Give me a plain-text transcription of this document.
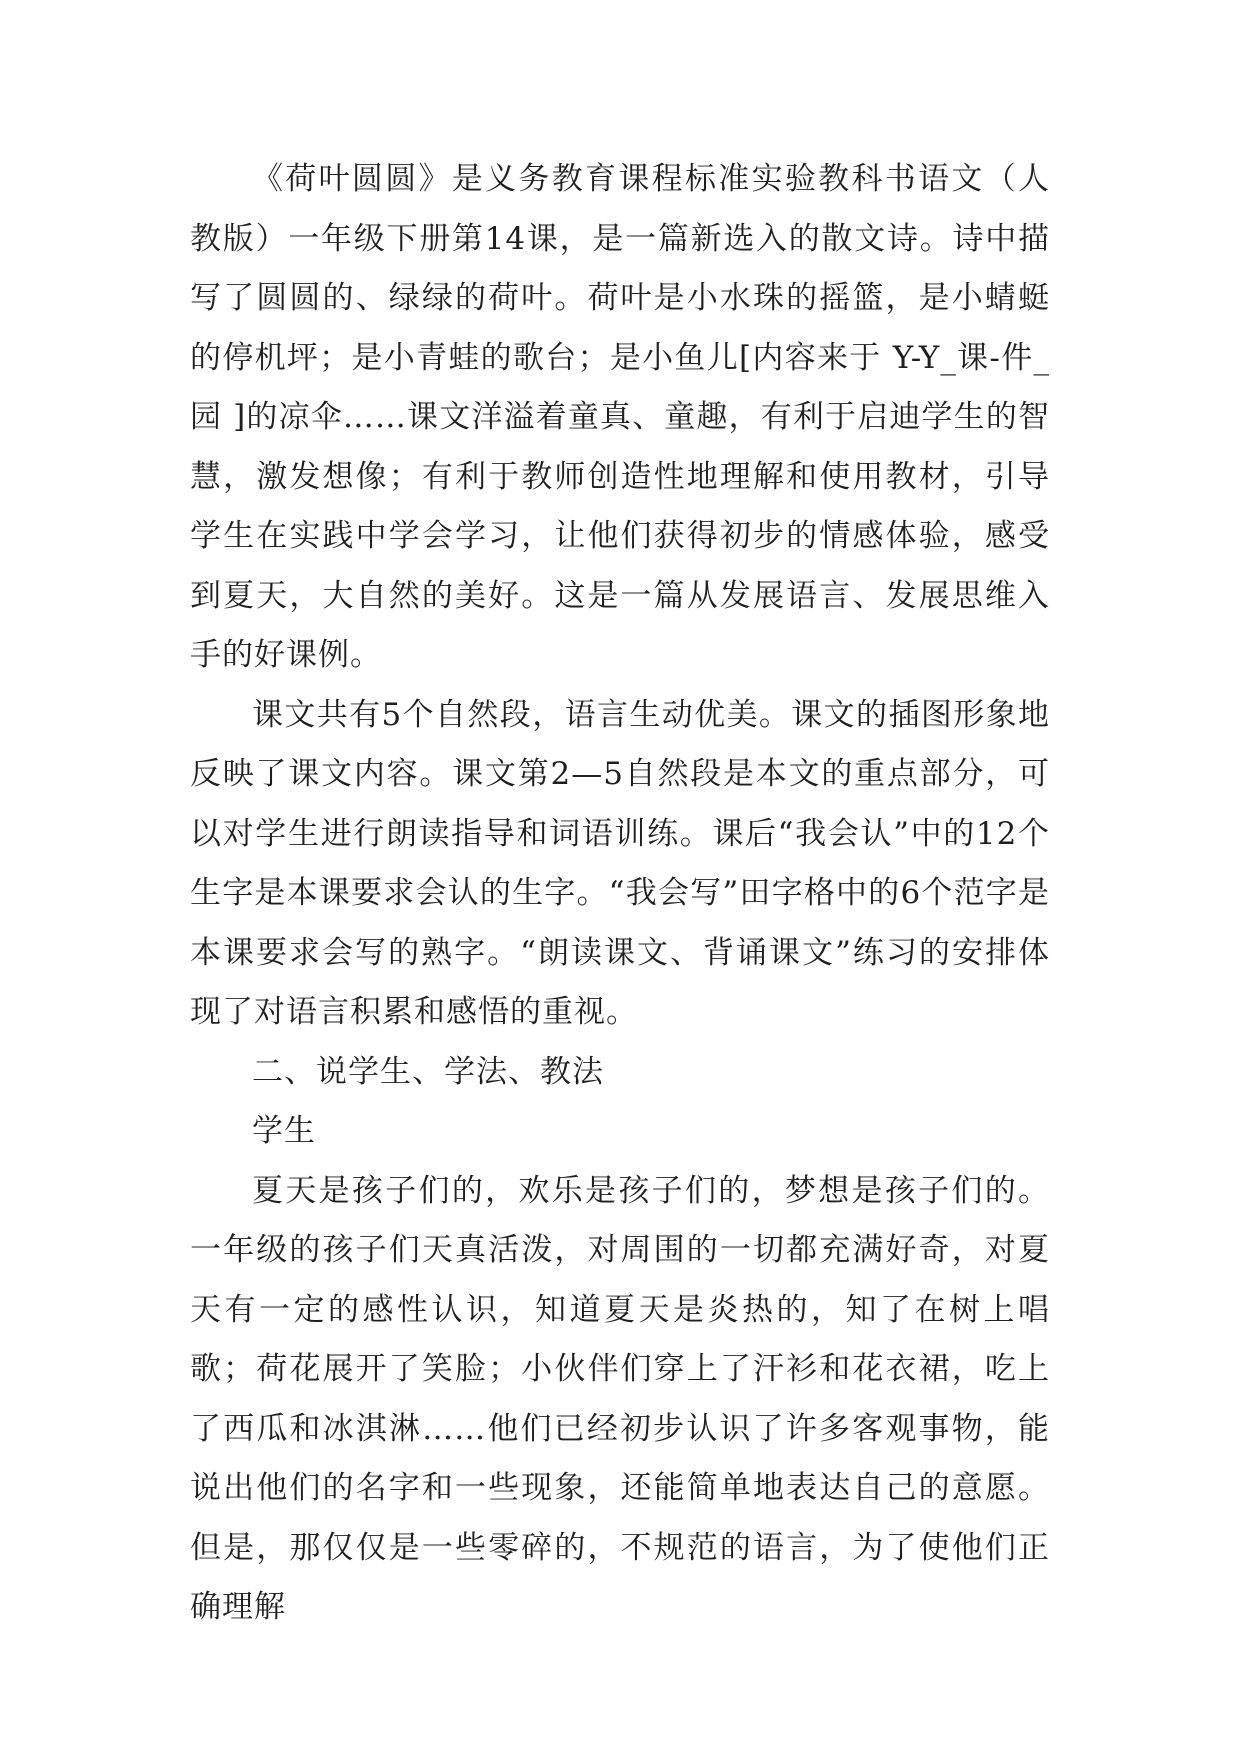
《荷叶圆圆》是义务教育课程标准实验教科书语文（人教版）一年级下册第14课，是一篇新选入的散文诗。诗中描写了圆圆的、绿绿的荷叶。荷叶是小水珠的摇篮，是小蜻蜓的停机坪；是小青蛙的歌台；是小鱼儿[内容来于 Y-Y_课-件_园 ]的凉伞……课文洋溢着童真、童趣，有利于启迪学生的智慧，激发想像；有利于教师创造性地理解和使用教材，引导学生在实践中学会学习，让他们获得初步的情感体验，感受到夏天，大自然的美好。这是一篇从发展语言、发展思维入手的好课例。

课文共有5个自然段，语言生动优美。课文的插图形象地反映了课文内容。课文第2—5自然段是本文的重点部分，可以对学生进行朗读指导和词语训练。课后“我会认”中的12个生字是本课要求会认的生字。“我会写”田字格中的6个范字是本课要求会写的熟字。“朗读课文、背诵课文”练习的安排体现了对语言积累和感悟的重视。

二、说学生、学法、教法

学生

夏天是孩子们的，欢乐是孩子们的，梦想是孩子们的。一年级的孩子们天真活泼，对周围的一切都充满好奇，对夏天有一定的感性认识，知道夏天是炎热的，知了在树上唱歌；荷花展开了笑脸；小伙伴们穿上了汗衫和花衣裙，吃上了西瓜和冰淇淋……他们已经初步认识了许多客观事物，能说出他们的名字和一些现象，还能简单地表达自己的意愿。但是，那仅仅是一些零碎的，不规范的语言，为了使他们正确理解
